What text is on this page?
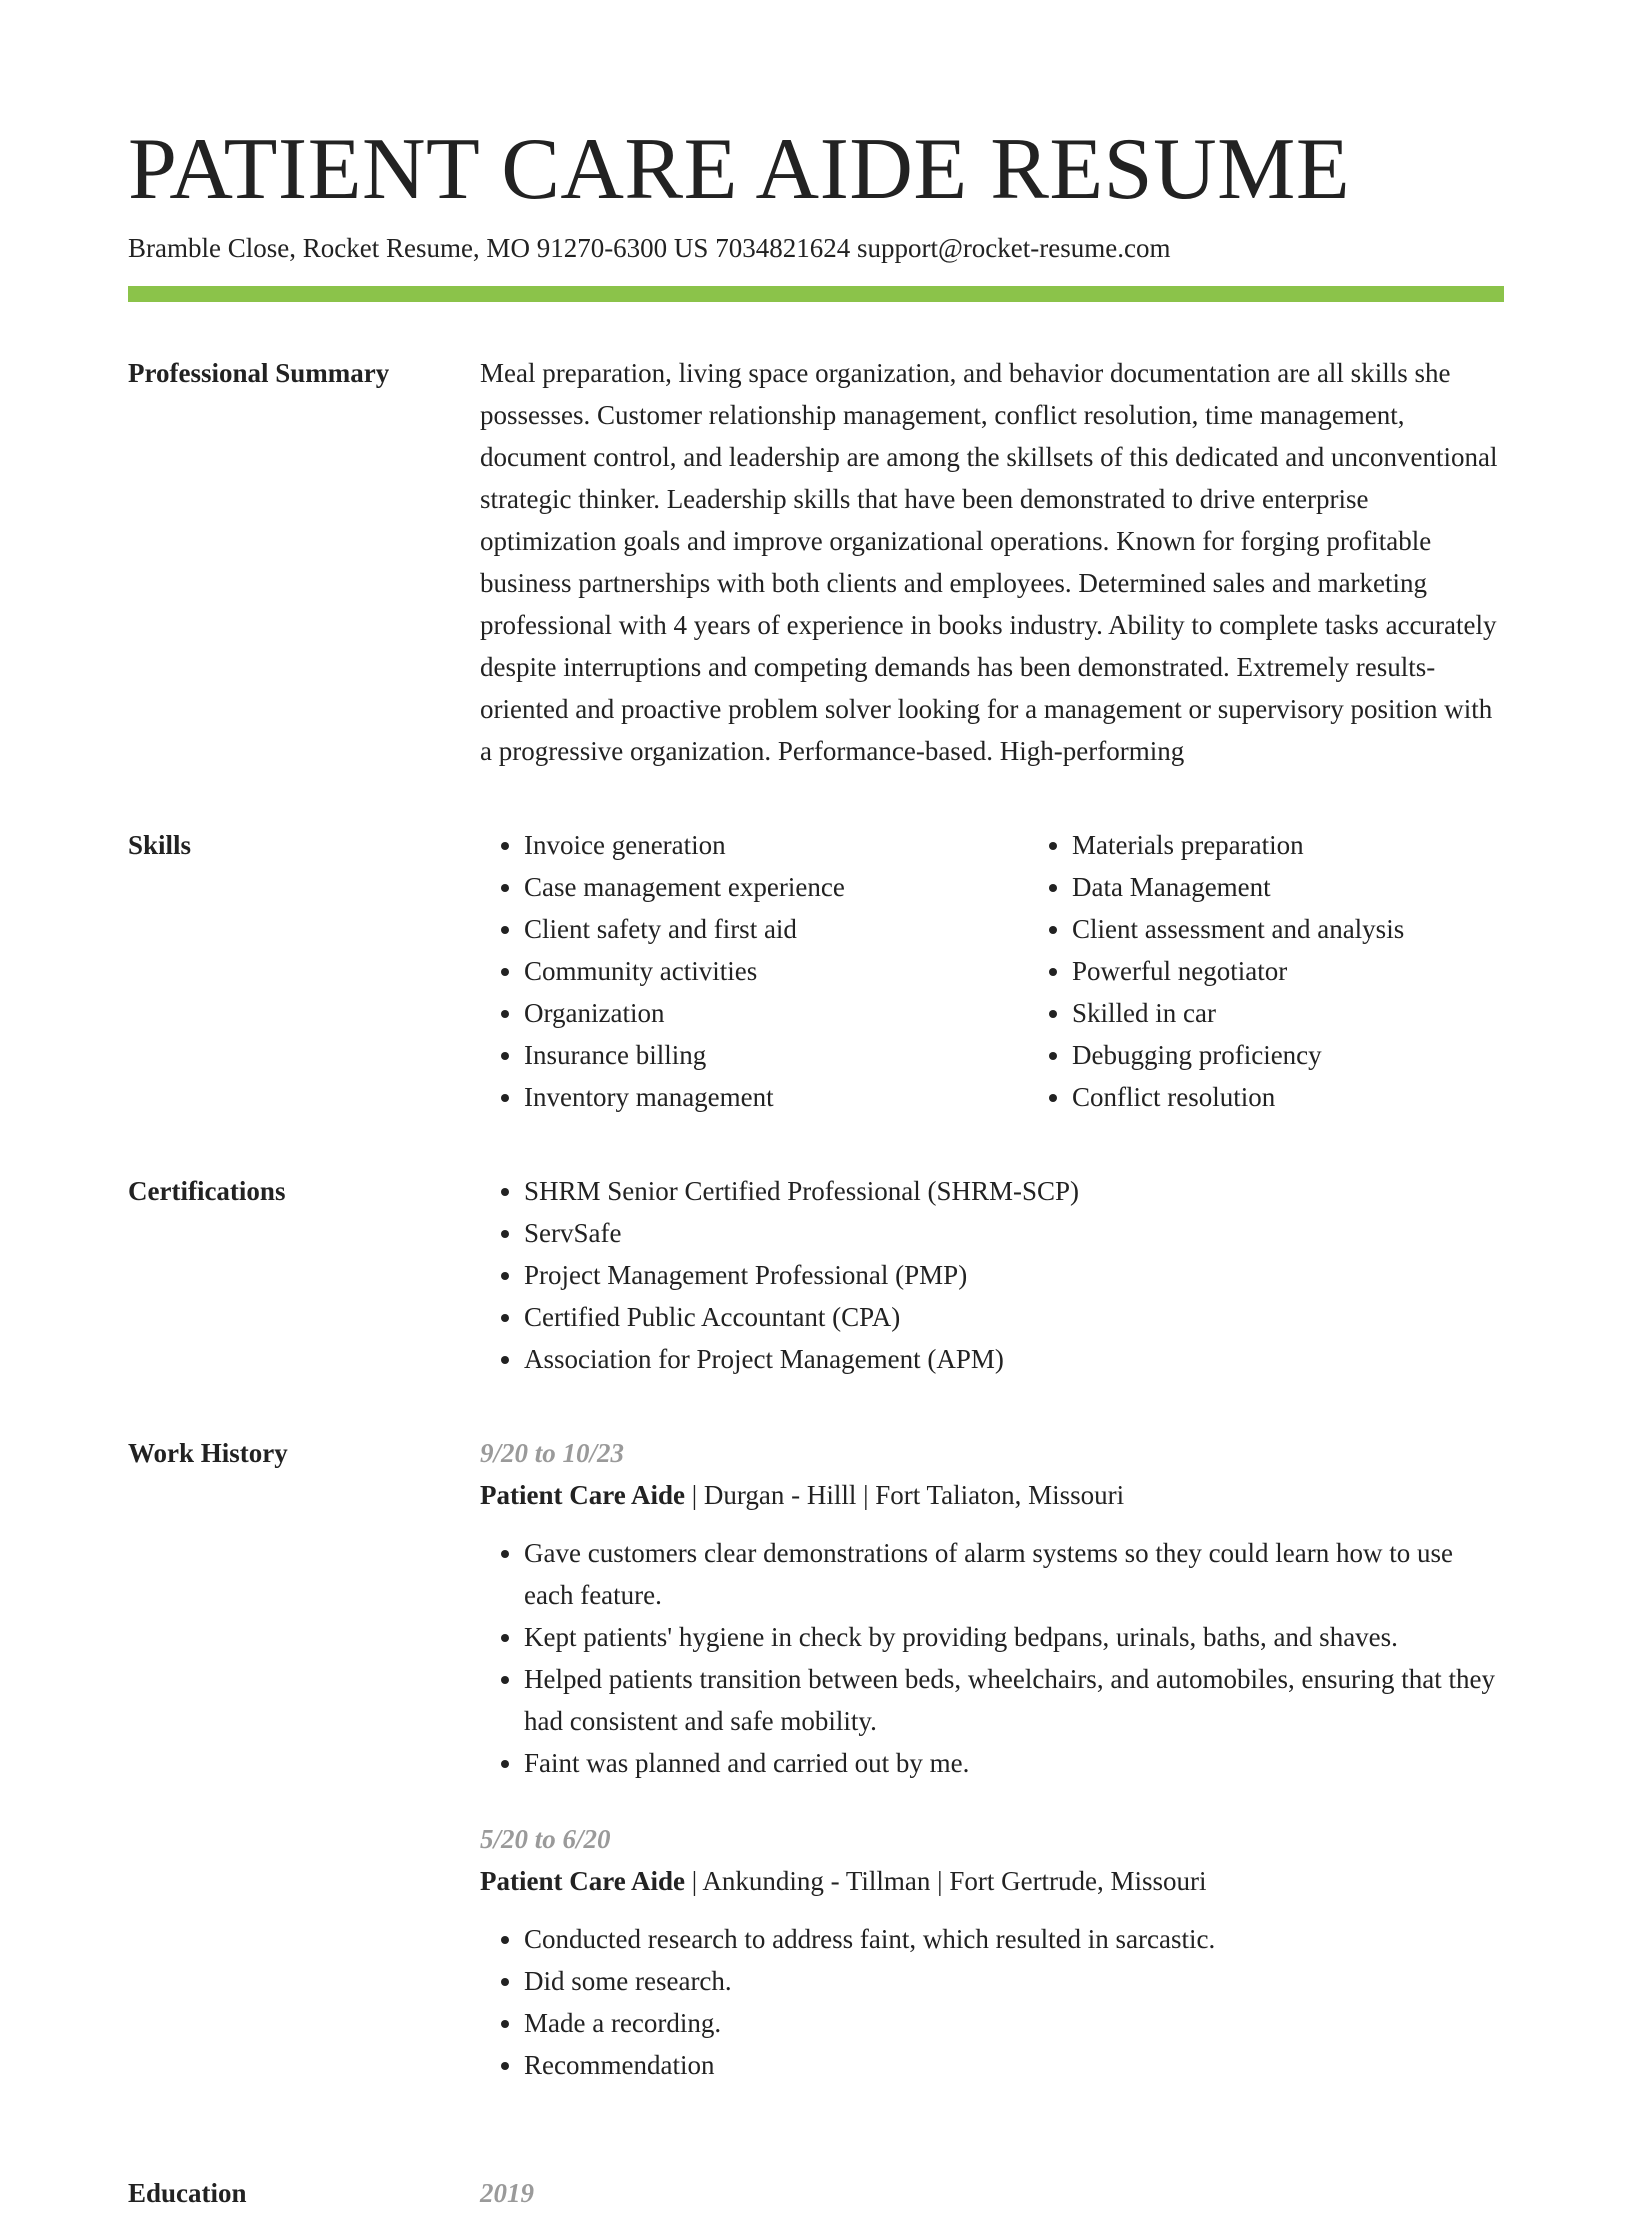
PATIENT CARE AIDE RESUME
Bramble Close, Rocket Resume, MO 91270-6300 US 7034821624 support@rocket-resume.com
Professional Summary	Meal preparation, living space organization, and behavior documentation are all skills she possesses. Customer relationship management, conflict resolution, time management, document control, and leadership are among the skillsets of this dedicated and unconventional strategic thinker. Leadership skills that have been demonstrated to drive enterprise optimization goals and improve organizational operations. Known for forging profitable business partnerships with both clients and employees. Determined sales and marketing professional with 4 years of experience in books industry. Ability to complete tasks accurately despite interruptions and competing demands has been demonstrated. Extremely results-oriented and proactive problem solver looking for a management or supervisory position with a progressive organization. Performance-based. High-performing

Skills	• Invoice generation
• Case management experience
• Client safety and first aid
• Community activities
• Organization
• Insurance billing
• Inventory management
• Materials preparation
• Data Management
• Client assessment and analysis
• Powerful negotiator
• Skilled in car
• Debugging proficiency
• Conflict resolution
Certifications	• SHRM Senior Certified Professional (SHRM-SCP)
• ServSafe
• Project Management Professional (PMP)
• Certified Public Accountant (CPA)
• Association for Project Management (APM)
Work History	9/20 to 10/23
Patient Care Aide | Durgan - Hilll | Fort Taliaton, Missouri
• Gave customers clear demonstrations of alarm systems so they could learn how to use each feature.
• Kept patients' hygiene in check by providing bedpans, urinals, baths, and shaves.
• Helped patients transition between beds, wheelchairs, and automobiles, ensuring that they had consistent and safe mobility.
• Faint was planned and carried out by me.
5/20 to 6/20
Patient Care Aide | Ankunding - Tillman | Fort Gertrude, Missouri
• Conducted research to address faint, which resulted in sarcastic.
• Did some research.
• Made a recording.
• Recommendation
Education	2019
